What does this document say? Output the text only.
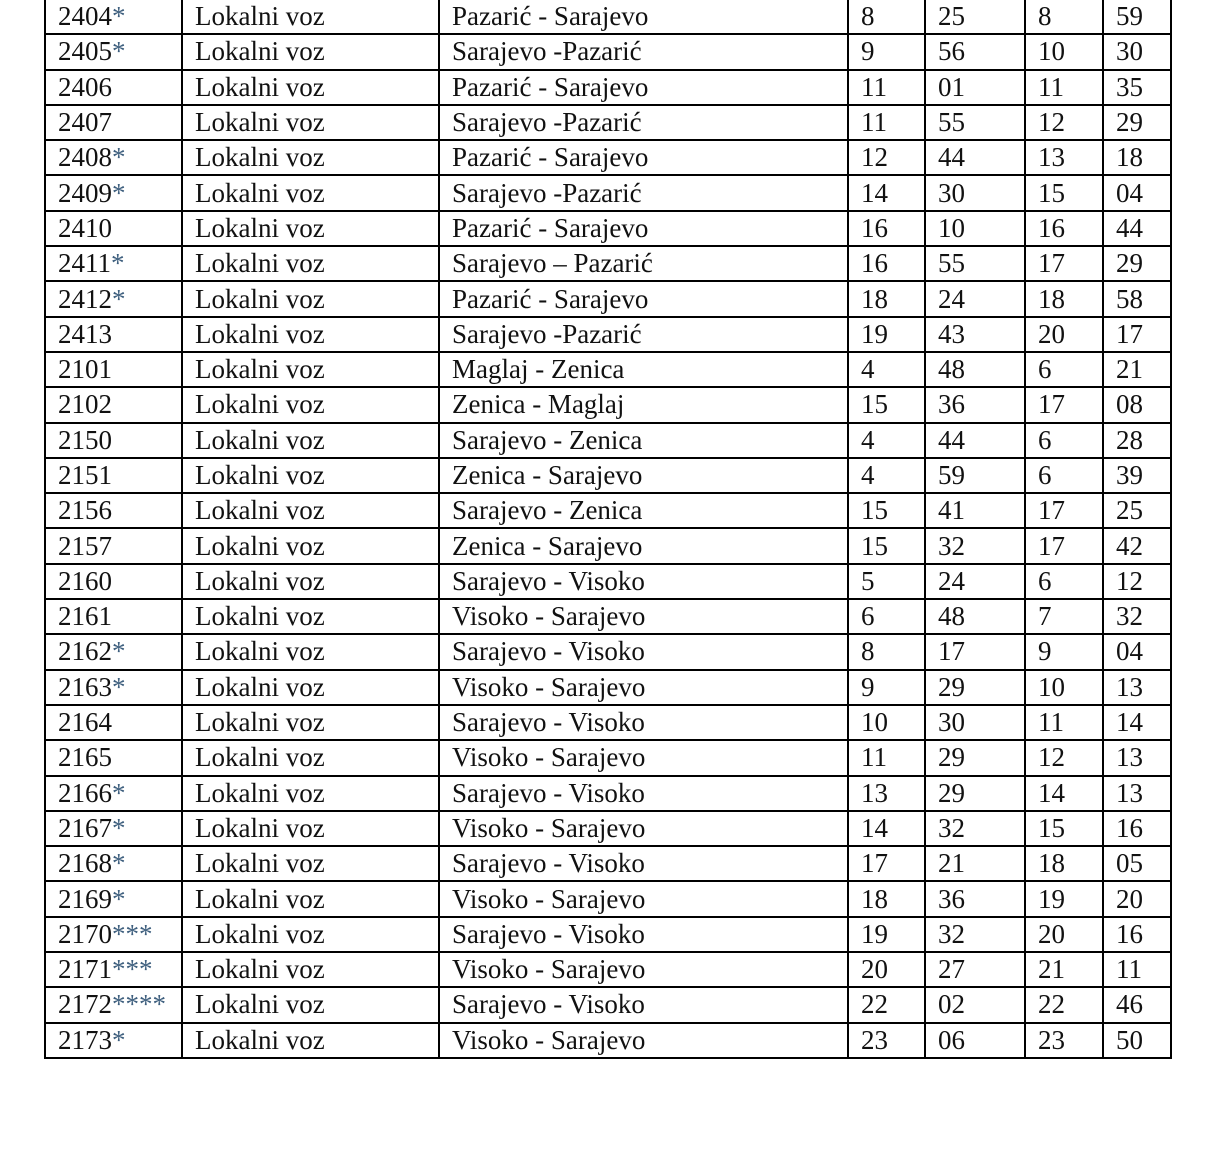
2404*	Lokalni voz	Pazarić - Sarajevo	8	25	8	59
2405*	Lokalni voz	Sarajevo -Pazarić	9	56	10	30
2406	Lokalni voz	Pazarić - Sarajevo	11	01	11	35
2407	Lokalni voz	Sarajevo -Pazarić	11	55	12	29
2408*	Lokalni voz	Pazarić - Sarajevo	12	44	13	18
2409*	Lokalni voz	Sarajevo -Pazarić	14	30	15	04
2410	Lokalni voz	Pazarić - Sarajevo	16	10	16	44
2411*	Lokalni voz	Sarajevo – Pazarić	16	55	17	29
2412*	Lokalni voz	Pazarić - Sarajevo	18	24	18	58
2413	Lokalni voz	Sarajevo -Pazarić	19	43	20	17
2101	Lokalni voz	Maglaj - Zenica	4	48	6	21
2102	Lokalni voz	Zenica - Maglaj	15	36	17	08
2150	Lokalni voz	Sarajevo - Zenica	4	44	6	28
2151	Lokalni voz	Zenica - Sarajevo	4	59	6	39
2156	Lokalni voz	Sarajevo - Zenica	15	41	17	25
2157	Lokalni voz	Zenica - Sarajevo	15	32	17	42
2160	Lokalni voz	Sarajevo - Visoko	5	24	6	12
2161	Lokalni voz	Visoko - Sarajevo	6	48	7	32
2162*	Lokalni voz	Sarajevo - Visoko	8	17	9	04
2163*	Lokalni voz	Visoko - Sarajevo	9	29	10	13
2164	Lokalni voz	Sarajevo - Visoko	10	30	11	14
2165	Lokalni voz	Visoko - Sarajevo	11	29	12	13
2166*	Lokalni voz	Sarajevo - Visoko	13	29	14	13
2167*	Lokalni voz	Visoko - Sarajevo	14	32	15	16
2168*	Lokalni voz	Sarajevo - Visoko	17	21	18	05
2169*	Lokalni voz	Visoko - Sarajevo	18	36	19	20
2170***	Lokalni voz	Sarajevo - Visoko	19	32	20	16
2171***	Lokalni voz	Visoko - Sarajevo	20	27	21	11
2172****	Lokalni voz	Sarajevo - Visoko	22	02	22	46
2173*	Lokalni voz	Visoko - Sarajevo	23	06	23	50
